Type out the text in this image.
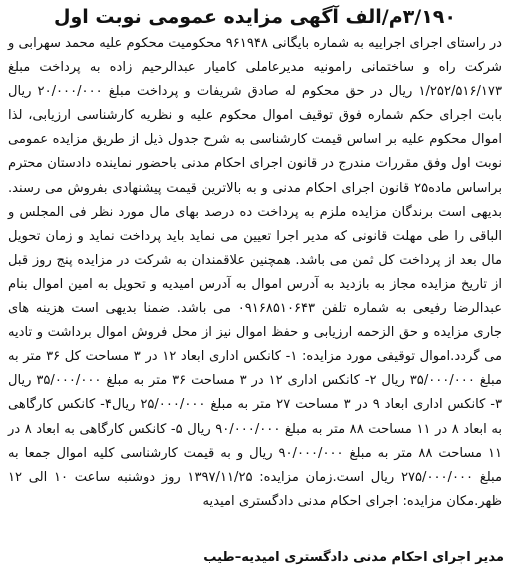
۳/۱۹۰م/الف آگهی مزایده عمومی نوبت اول

در راستای اجرای اجراییه به شماره بایگانی ۹۶۱۹۴۸ محکومیت محکوم علیه محمد سهرابی و شرکت راه و ساختمانی رامونیه مدیرعاملی کامیار عبدالرحیم زاده به پرداخت مبلغ ۱/۲۵۲/۵۱۶/۱۷۳ ریال در حق محکوم له صادق شریفات و پرداخت مبلغ ۲۰/۰۰۰/۰۰۰ ریال بابت اجرای حکم شماره فوق توقیف اموال محکوم علیه و نظریه کارشناسی ارزیابی، لذا اموال محکوم علیه بر اساس قیمت کارشناسی به شرح جدول ذیل از طریق مزایده عمومی نوبت اول وفق مقررات مندرج در قانون اجرای احکام مدنی باحضور نماینده دادستان محترم براساس ماده۲۵ قانون اجرای احکام مدنی و به بالاترین قیمت پیشنهادی بفروش می رسند. بدیهی است برندگان مزایده ملزم به پرداخت ده درصد بهای مال مورد نظر فی المجلس و الباقی را طی مهلت قانونی که مدیر اجرا تعیین می نماید باید پرداخت نماید و زمان تحویل مال بعد از پرداخت کل ثمن می باشد. همچنین علاقمندان به شرکت در مزایده پنج روز قبل از تاریخ مزایده مجاز به بازدید به آدرس اموال به آدرس امیدیه و تحویل به امین اموال بنام عبدالرضا رفیعی به شماره تلفن ۰۹۱۶۸۵۱۰۶۴۳ می باشد. ضمنا بدیهی است هزینه های جاری مزایده و حق الزحمه ارزیابی و حفظ اموال نیز از محل فروش اموال برداشت و تادیه می گردد.اموال توقیفی مورد مزایده: ۱- کانکس اداری ابعاد ۱۲ در ۳ مساحت کل ۳۶ متر به مبلغ ۳۵/۰۰۰/۰۰۰ ریال ۲- کانکس اداری ۱۲ در ۳ مساحت ۳۶ متر به مبلغ ۳۵/۰۰۰/۰۰۰ ریال ۳- کانکس اداری ابعاد ۹ در ۳ مساحت ۲۷ متر به مبلغ ۲۵/۰۰۰/۰۰۰ ریال۴- کانکس کارگاهی به ابعاد ۸ در ۱۱ مساحت ۸۸ متر به مبلغ ۹۰/۰۰۰/۰۰۰ ریال ۵- کانکس کارگاهی به ابعاد ۸ در ۱۱ مساحت ۸۸ متر به مبلغ ۹۰/۰۰۰/۰۰۰ ریال و به قیمت کارشناسی کلیه اموال جمعا به مبلغ ۲۷۵/۰۰۰/۰۰۰ ریال است.زمان مزایده: ۱۳۹۷/۱۱/۲۵ روز دوشنبه ساعت ۱۰ الی ۱۲ ظهر.مکان مزایده: اجرای احکام مدنی دادگستری امیدیه

مدیر اجرای احکام مدنی دادگستری امیدیه–طیب
